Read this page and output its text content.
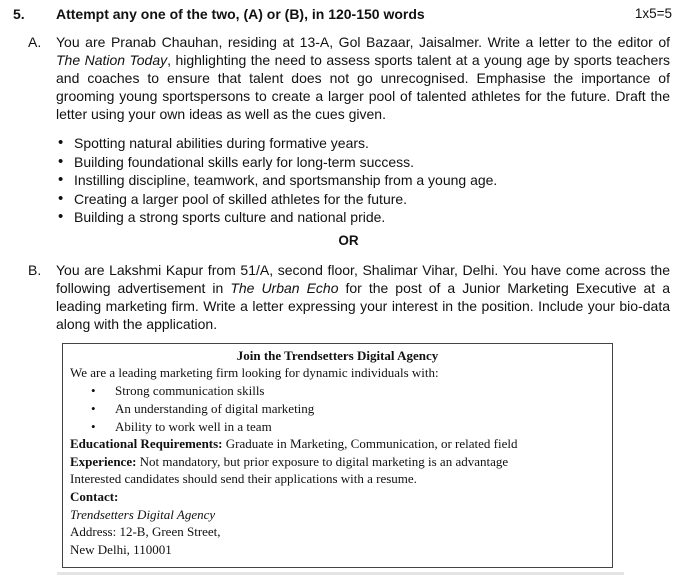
5. Attempt any one of the two, (A) or (B), in 120-150 words	1x5=5
A. You are Pranab Chauhan, residing at 13-A, Gol Bazaar, Jaisalmer. Write a letter to the editor of The Nation Today, highlighting the need to assess sports talent at a young age by sports teachers and coaches to ensure that talent does not go unrecognised. Emphasise the importance of grooming young sportspersons to create a larger pool of talented athletes for the future. Draft the letter using your own ideas as well as the cues given.

• Spotting natural abilities during formative years.
• Building foundational skills early for long-term success.
• Instilling discipline, teamwork, and sportsmanship from a young age.
• Creating a larger pool of skilled athletes for the future.
• Building a strong sports culture and national pride.
OR
B. You are Lakshmi Kapur from 51/A, second floor, Shalimar Vihar, Delhi. You have come across the following advertisement in The Urban Echo for the post of a Junior Marketing Executive at a leading marketing firm. Write a letter expressing your interest in the position. Include your bio-data along with the application.

Join the Trendsetters Digital Agency
We are a leading marketing firm looking for dynamic individuals with:
• Strong communication skills
• An understanding of digital marketing
• Ability to work well in a team
Educational Requirements: Graduate in Marketing, Communication, or related field
Experience: Not mandatory, but prior exposure to digital marketing is an advantage
Interested candidates should send their applications with a resume.
Contact:
Trendsetters Digital Agency
Address: 12-B, Green Street,
New Delhi, 110001
